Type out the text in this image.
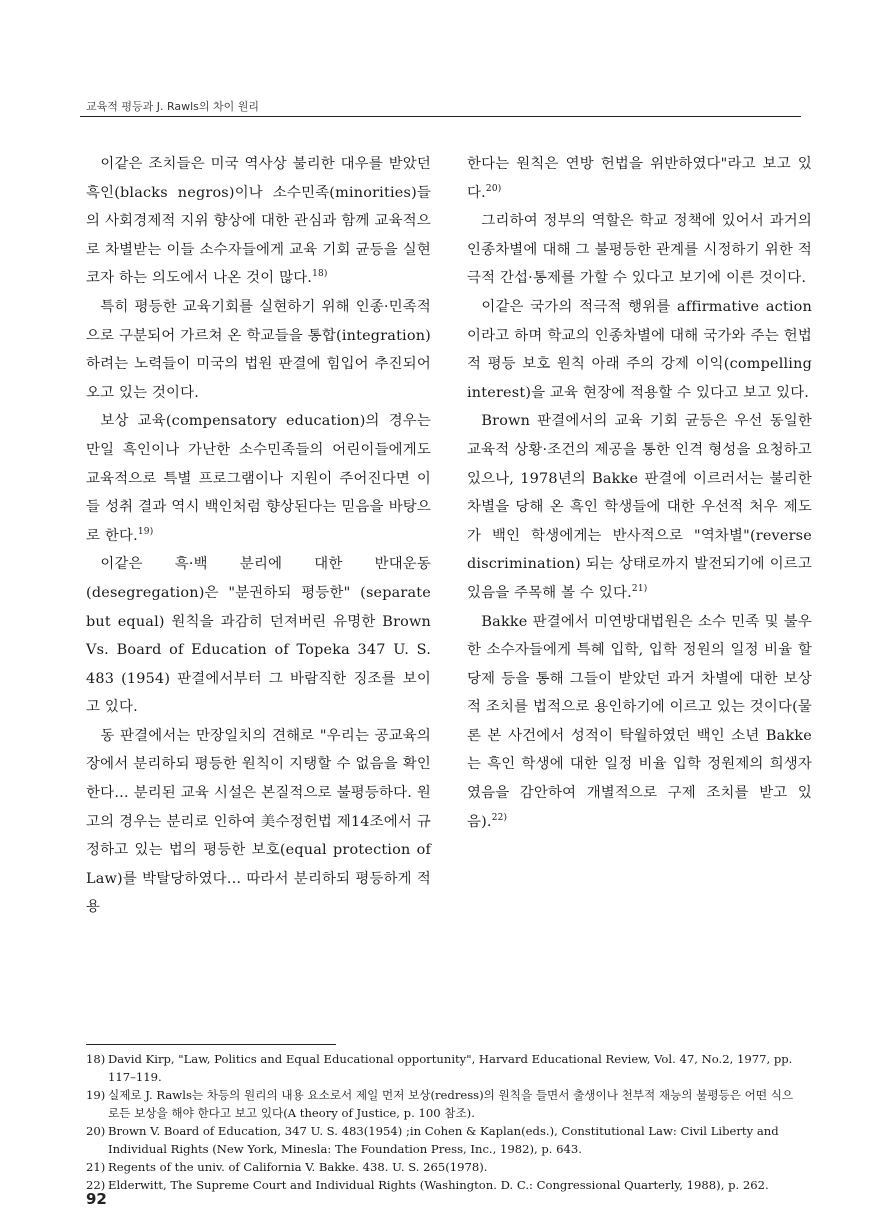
교육적 평등과 J. Rawls의 차이 원리

이같은 조치들은 미국 역사상 불리한 대우를 받았던 흑인(blacks negros)이나 소수민족(minorities)들의 사회경제적 지위 향상에 대한 관심과 함께 교육적으로 차별받는 이들 소수자들에게 교육 기회 균등을 실현코자 하는 의도에서 나온 것이 많다.$^{18)}$

특히 평등한 교육기회를 실현하기 위해 인종·민족적으로 구분되어 가르쳐 온 학교들을 통합(integration)하려는 노력들이 미국의 법원 판결에 힘입어 추진되어 오고 있는 것이다.

보상 교육(compensatory education)의 경우는 만일 흑인이나 가난한 소수민족들의 어린이들에게도 교육적으로 특별 프로그램이나 지원이 주어진다면 이들 성취 결과 역시 백인처럼 향상된다는 믿음을 바탕으로 한다.$^{19)}$

이같은 흑·백 분리에 대한 반대운동(desegregation)은 "분권하되 평등한" (separate but equal) 원칙을 과감히 던져버린 유명한 Brown Vs. Board of Education of Topeka 347 U. S. 483 (1954) 판결에서부터 그 바람직한 징조를 보이고 있다.

동 판결에서는 만장일치의 견해로 "우리는 공교육의 장에서 분리하되 평등한 원칙이 지탱할 수 없음을 확인한다… 분리된 교육 시설은 본질적으로 불평등하다. 원고의 경우는 분리로 인하여 美수정헌법 제14조에서 규정하고 있는 법의 평등한 보호(equal protection of Law)를 박탈당하였다… 따라서 분리하되 평등하게 적용

한다는 원칙은 연방 헌법을 위반하였다"라고 보고 있다.$^{20)}$

그리하여 정부의 역할은 학교 정책에 있어서 과거의 인종차별에 대해 그 불평등한 관계를 시정하기 위한 적극적 간섭·통제를 가할 수 있다고 보기에 이른 것이다.

이같은 국가의 적극적 행위를 affirmative action이라고 하며 학교의 인종차별에 대해 국가와 주는 헌법적 평등 보호 원칙 아래 주의 강제 이익(compelling interest)을 교육 현장에 적용할 수 있다고 보고 있다.

Brown 판결에서의 교육 기회 균등은 우선 동일한 교육적 상황·조건의 제공을 통한 인격 형성을 요청하고 있으나, 1978년의 Bakke 판결에 이르러서는 불리한 차별을 당해 온 흑인 학생들에 대한 우선적 처우 제도가 백인 학생에게는 반사적으로 "역차별"(reverse discrimination) 되는 상태로까지 발전되기에 이르고 있음을 주목해 볼 수 있다.$^{21)}$

Bakke 판결에서 미연방대법원은 소수 민족 및 불우한 소수자들에게 특혜 입학, 입학 정원의 일정 비율 할당제 등을 통해 그들이 받았던 과거 차별에 대한 보상적 조치를 법적으로 용인하기에 이르고 있는 것이다(물론 본 사건에서 성적이 탁월하였던 백인 소년 Bakke는 흑인 학생에 대한 일정 비율 입학 정원제의 희생자였음을 감안하여 개별적으로 구제 조치를 받고 있음).$^{22)}$

18) David Kirp, "Law, Politics and Equal Educational opportunity", Harvard Educational Review, Vol. 47, No.2, 1977, pp. 117–119.
19) 실제로 J. Rawls는 차등의 원리의 내용 요소로서 제일 먼저 보상(redress)의 원칙을 들면서 출생이나 천부적 재능의 불평등은 어떤 식으로든 보상을 해야 한다고 보고 있다(A theory of Justice, p. 100 참조).
20) Brown V. Board of Education, 347 U. S. 483(1954) ;in Cohen & Kaplan(eds.), Constitutional Law: Civil Liberty and Individual Rights (New York, Minesla: The Foundation Press, Inc., 1982), p. 643.
21) Regents of the univ. of California V. Bakke. 438. U. S. 265(1978).
22) Elderwitt, The Supreme Court and Individual Rights (Washington. D. C.: Congressional Quarterly, 1988), p. 262.
92
